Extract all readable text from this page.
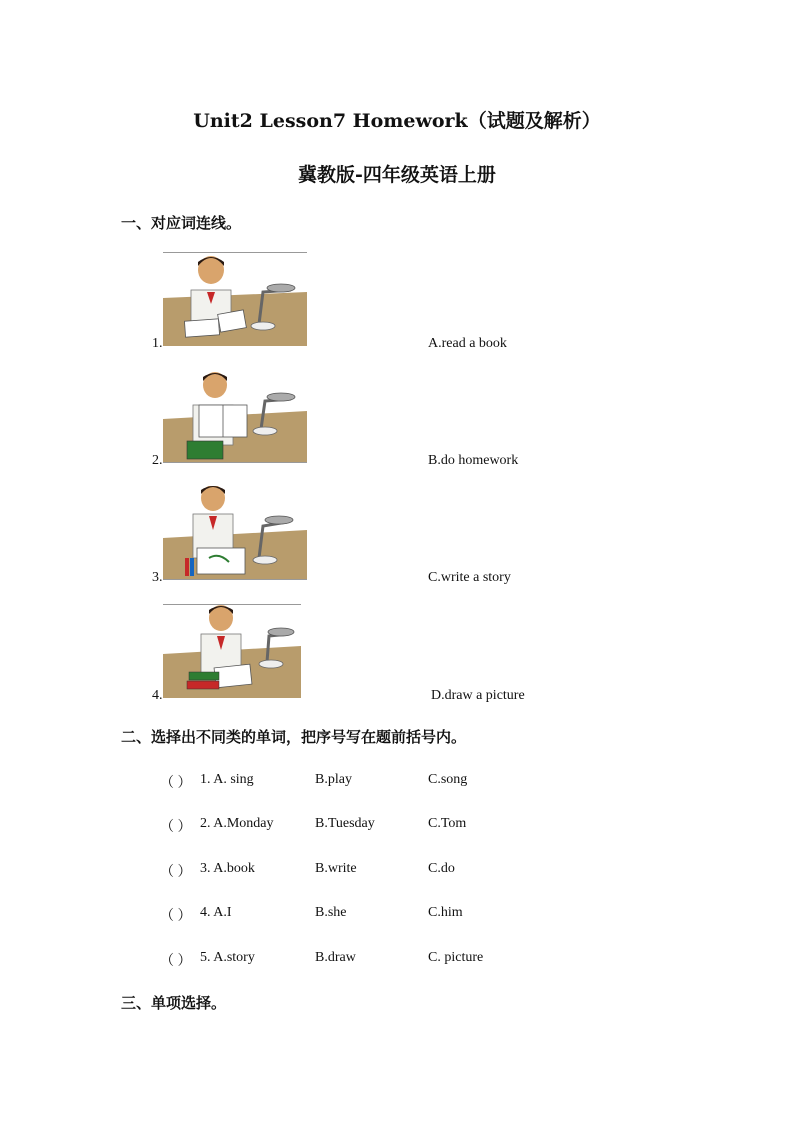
Unit2 Lesson7 Homework（试题及解析）
冀教版-四年级英语上册
一、对应词连线。
1.	A.read a book
2.	B.do homework
3.	C.write a story
4.	D.draw a picture
二、选择出不同类的单词，把序号写在题前括号内。
（ ） 1. A. sing	B.play	C.song
（ ） 2. A.Monday	B.Tuesday	C.Tom
（ ） 3. A.book	B.write	C.do
（ ） 4. A.I	B.she	C.him
（ ） 5. A.story	B.draw	C. picture
三、单项选择。
